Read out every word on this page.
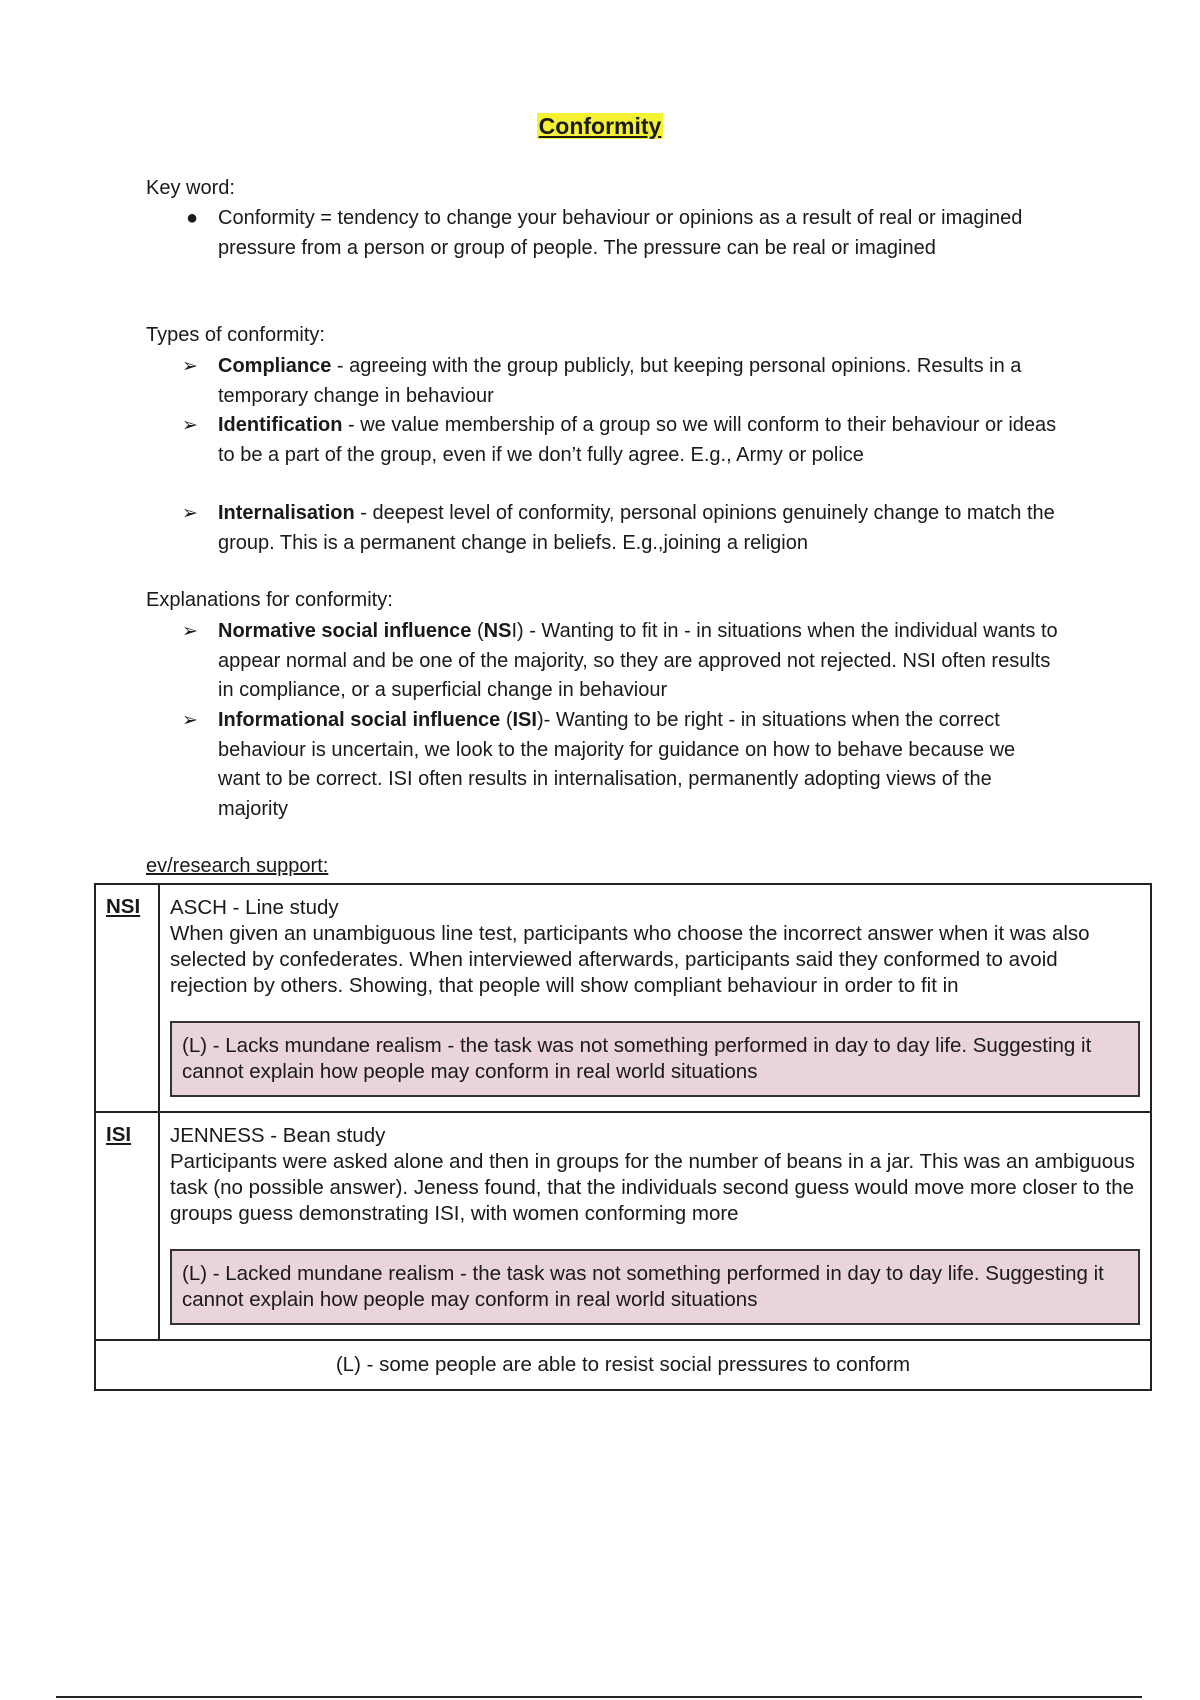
Conformity
Key word:
● Conformity = tendency to change your behaviour or opinions as a result of real or imagined pressure from a person or group of people. The pressure can be real or imagined
Types of conformity:
➢ Compliance - agreeing with the group publicly, but keeping personal opinions. Results in a temporary change in behaviour
➢ Identification - we value membership of a group so we will conform to their behaviour or ideas to be a part of the group, even if we don’t fully agree. E.g., Army or police
➢ Internalisation - deepest level of conformity, personal opinions genuinely change to match the group. This is a permanent change in beliefs. E.g.,joining a religion
Explanations for conformity:
➢ Normative social influence (NSI) - Wanting to fit in - in situations when the individual wants to appear normal and be one of the majority, so they are approved not rejected. NSI often results in compliance, or a superficial change in behaviour
➢ Informational social influence (ISI)- Wanting to be right - in situations when the correct behaviour is uncertain, we look to the majority for guidance on how to behave because we want to be correct. ISI often results in internalisation, permanently adopting views of the majority
ev/research support:
NSI	ASCH - Line study
When given an unambiguous line test, participants who choose the incorrect answer when it was also selected by confederates. When interviewed afterwards, participants said they conformed to avoid rejection by others. Showing, that people will show compliant behaviour in order to fit in
(L) - Lacks mundane realism - the task was not something performed in day to day life. Suggesting it cannot explain how people may conform in real world situations

ISI	JENNESS - Bean study
Participants were asked alone and then in groups for the number of beans in a jar. This was an ambiguous task (no possible answer). Jeness found, that the individuals second guess would move more closer to the groups guess demonstrating ISI, with women conforming more
(L) - Lacked mundane realism - the task was not something performed in day to day life. Suggesting it cannot explain how people may conform in real world situations

(L) - some people are able to resist social pressures to conform	
